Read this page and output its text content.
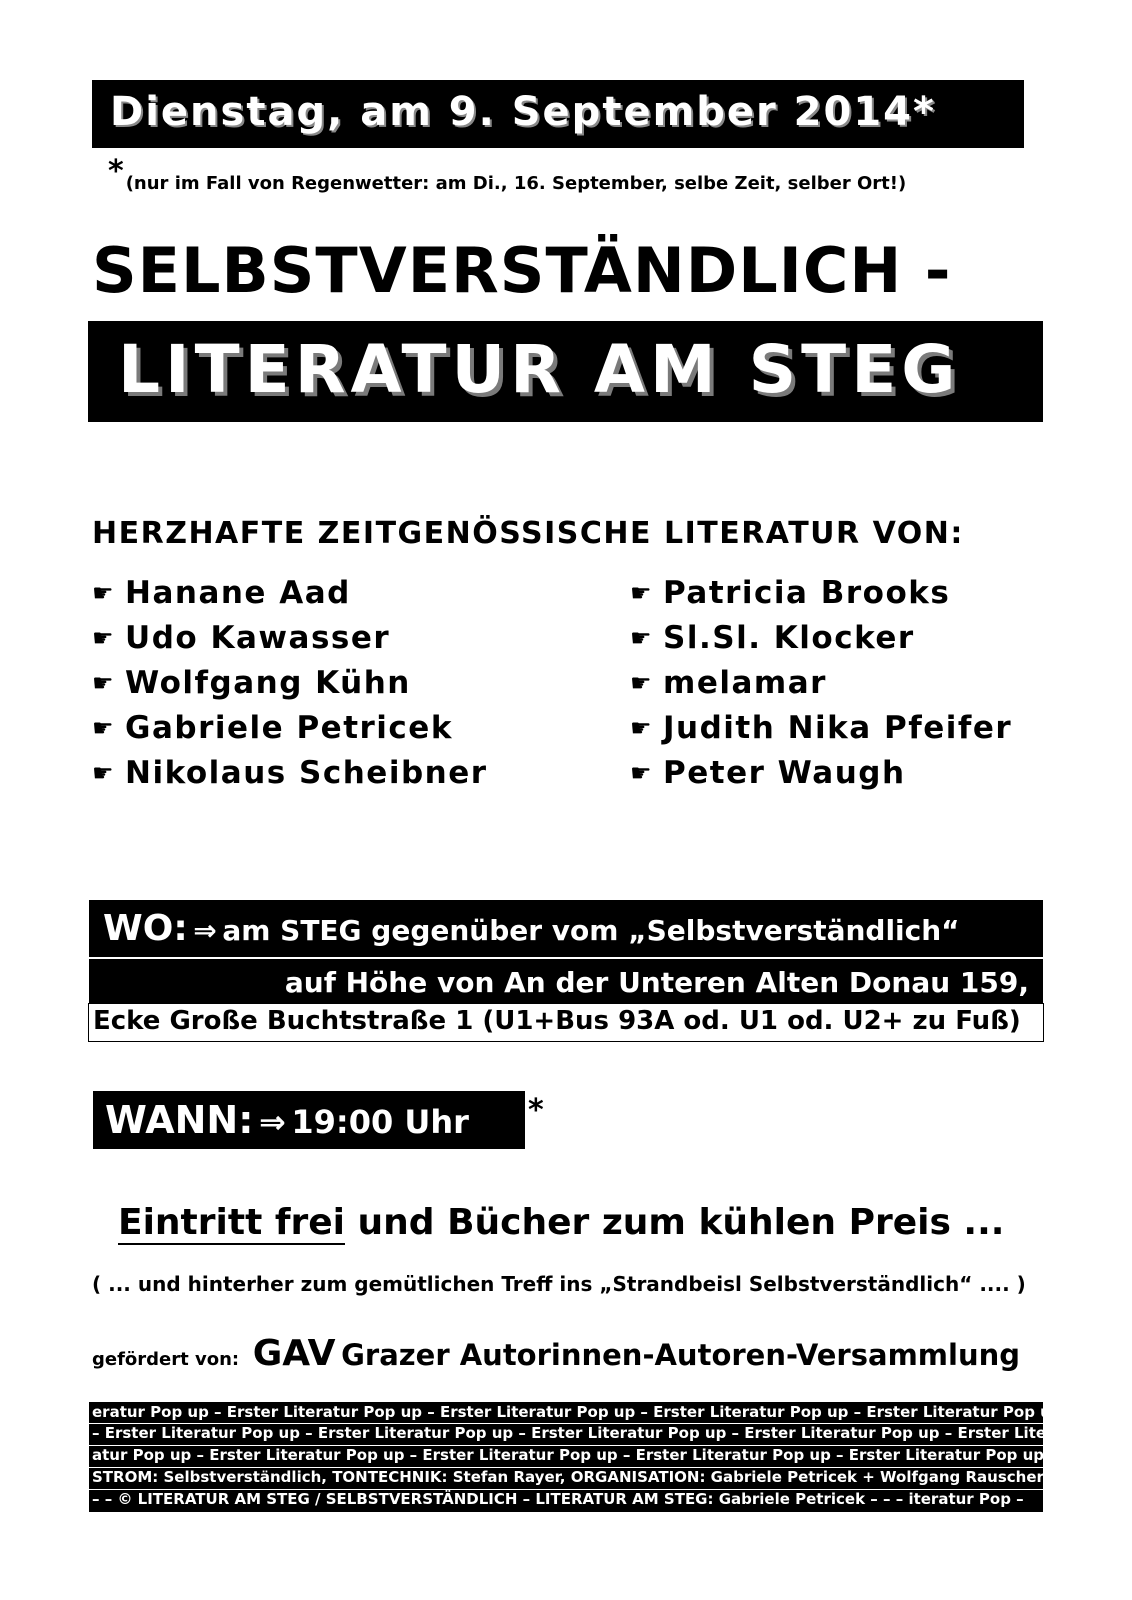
Dienstag, am 9. September 2014*
* (nur im Fall von Regenwetter: am Di., 16. September, selbe Zeit, selber Ort!)
SELBSTVERSTÄNDLICH -
LITERATUR AM STEG
HERZHAFTE ZEITGENÖSSISCHE LITERATUR VON:
☛ Hanane Aad
☛ Udo Kawasser
☛ Wolfgang Kühn
☛ Gabriele Petricek
☛ Nikolaus Scheibner
☛ Patricia Brooks
☛ Sl.Sl. Klocker
☛ melamar
☛ Judith Nika Pfeifer
☛ Peter Waugh
WO: ⇒ am STEG gegenüber vom „Selbstverständlich“
auf Höhe von An der Unteren Alten Donau 159,
Ecke Große Buchtstraße 1 (U1+Bus 93A od. U1 od. U2+ zu Fuß)
WANN: ⇒ 19:00 Uhr *
Eintritt frei und Bücher zum kühlen Preis ...
( ... und hinterher zum gemütlichen Treff ins „Strandbeisl Selbstverständlich“ .... )
gefördert von: GAV Grazer Autorinnen-Autoren-Versammlung
eratur Pop up – Erster Literatur Pop up – Erster Literatur Pop up – Erster Literatur Pop up – Erster Literatur Pop up
– Erster Literatur Pop up – Erster Literatur Pop up – Erster Literatur Pop up – Erster Literatur Pop up – Erster Liter
atur Pop up – Erster Literatur Pop up – Erster Literatur Pop up – Erster Literatur Pop up – Erster Literatur Pop up –
STROM: Selbstverständlich, TONTECHNIK: Stefan Rayer, ORGANISATION: Gabriele Petricek + Wolfgang Rauscher
– – © LITERATUR AM STEG / SELBSTVERSTÄNDLICH – LITERATUR AM STEG: Gabriele Petricek – – – iteratur Pop –
